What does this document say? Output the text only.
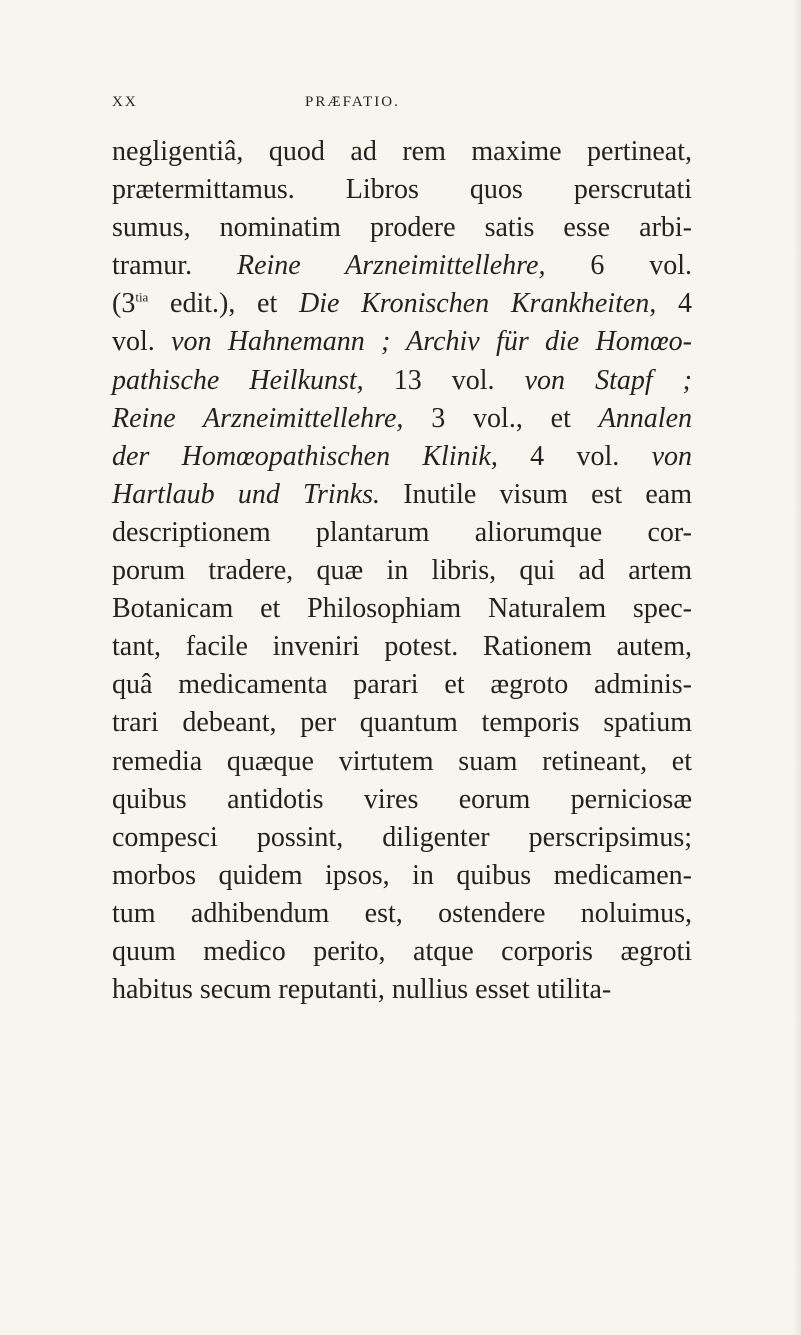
XX	PRÆFATIO.
negligentiâ, quod ad rem maxime pertineat,
prætermittamus. Libros quos perscrutati
sumus, nominatim prodere satis esse arbi-
tramur. Reine Arzneimittellehre, 6 vol.
($3^{tia}$ edit.), et Die Kronischen Krankheiten, 4
vol. von Hahnemann ; Archiv für die Homœo-
pathische Heilkunst, 13 vol. von Stapf ;
Reine Arzneimittellehre, 3 vol., et Annalen
der Homœopathischen Klinik, 4 vol. von
Hartlaub und Trinks. Inutile visum est eam
descriptionem plantarum aliorumque cor-
porum tradere, quæ in libris, qui ad artem
Botanicam et Philosophiam Naturalem spec-
tant, facile inveniri potest. Rationem autem,
quâ medicamenta parari et ægroto adminis-
trari debeant, per quantum temporis spatium
remedia quæque virtutem suam retineant, et
quibus antidotis vires eorum perniciosæ
compesci possint, diligenter perscripsimus;
morbos quidem ipsos, in quibus medicamen-
tum adhibendum est, ostendere noluimus,
quum medico perito, atque corporis ægroti
habitus secum reputanti, nullius esset utilita-
